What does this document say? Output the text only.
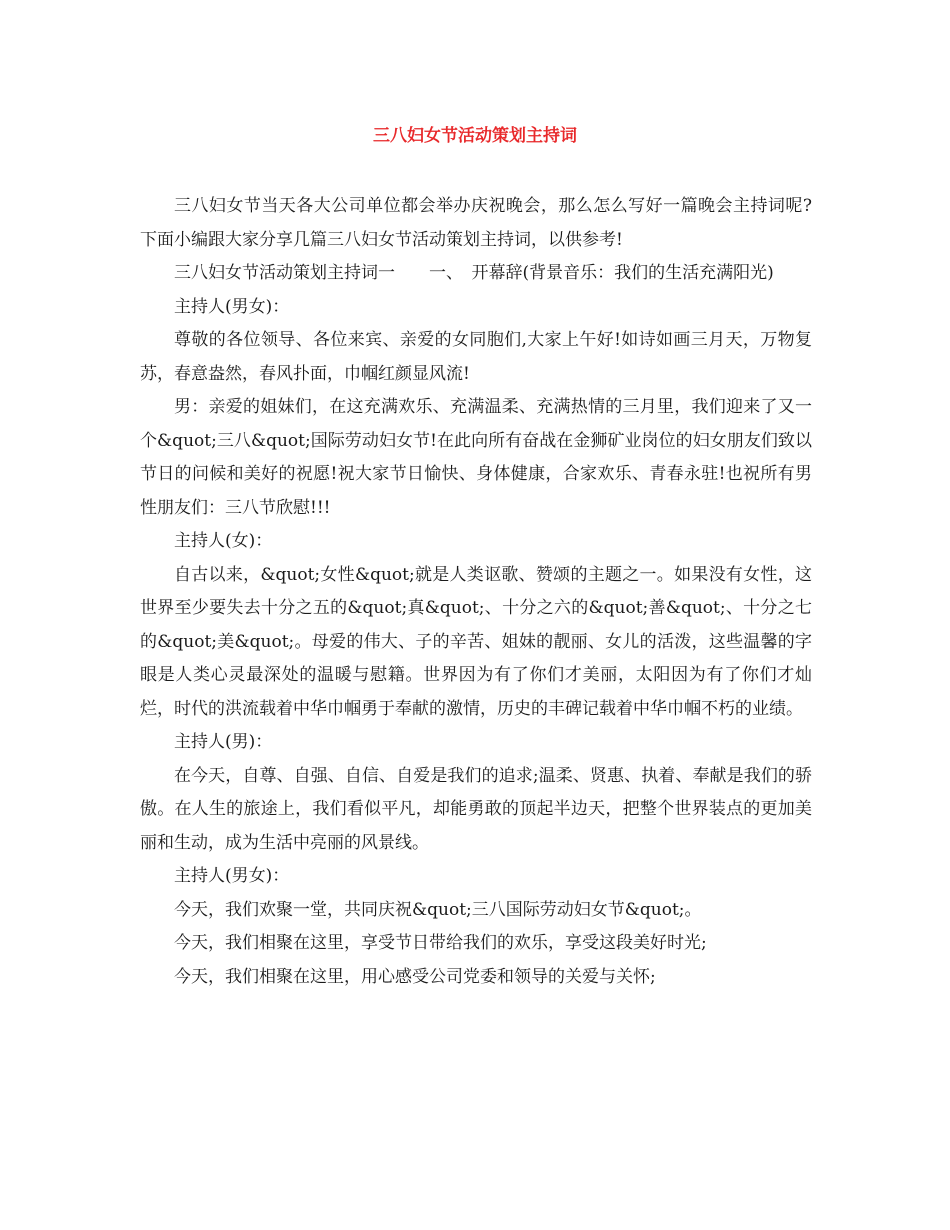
三八妇女节活动策划主持词

三八妇女节当天各大公司单位都会举办庆祝晚会，那么怎么写好一篇晚会主持词呢?下面小编跟大家分享几篇三八妇女节活动策划主持词，以供参考!

三八妇女节活动策划主持词一　　一、　开幕辞(背景音乐：我们的生活充满阳光)

主持人(男女)：

尊敬的各位领导、各位来宾、亲爱的女同胞们,大家上午好!如诗如画三月天，万物复苏，春意盎然，春风扑面，巾帼红颜显风流!

男：亲爱的姐妹们，在这充满欢乐、充满温柔、充满热情的三月里，我们迎来了又一个&quot;三八&quot;国际劳动妇女节!在此向所有奋战在金狮矿业岗位的妇女朋友们致以节日的问候和美好的祝愿!祝大家节日愉快、身体健康，合家欢乐、青春永驻!也祝所有男性朋友们：三八节欣慰!!!

主持人(女)：

自古以来，&quot;女性&quot;就是人类讴歌、赞颂的主题之一。如果没有女性，这世界至少要失去十分之五的&quot;真&quot;、十分之六的&quot;善&quot;、十分之七的&quot;美&quot;。母爱的伟大、子的辛苦、姐妹的靓丽、女儿的活泼，这些温馨的字眼是人类心灵最深处的温暖与慰籍。世界因为有了你们才美丽，太阳因为有了你们才灿烂，时代的洪流载着中华巾帼勇于奉献的激情，历史的丰碑记载着中华巾帼不朽的业绩。

主持人(男)：

在今天，自尊、自强、自信、自爱是我们的追求;温柔、贤惠、执着、奉献是我们的骄傲。在人生的旅途上，我们看似平凡，却能勇敢的顶起半边天，把整个世界装点的更加美丽和生动，成为生活中亮丽的风景线。

主持人(男女)：

今天，我们欢聚一堂，共同庆祝&quot;三八国际劳动妇女节&quot;。

今天，我们相聚在这里，享受节日带给我们的欢乐，享受这段美好时光;

今天，我们相聚在这里，用心感受公司党委和领导的关爱与关怀;
